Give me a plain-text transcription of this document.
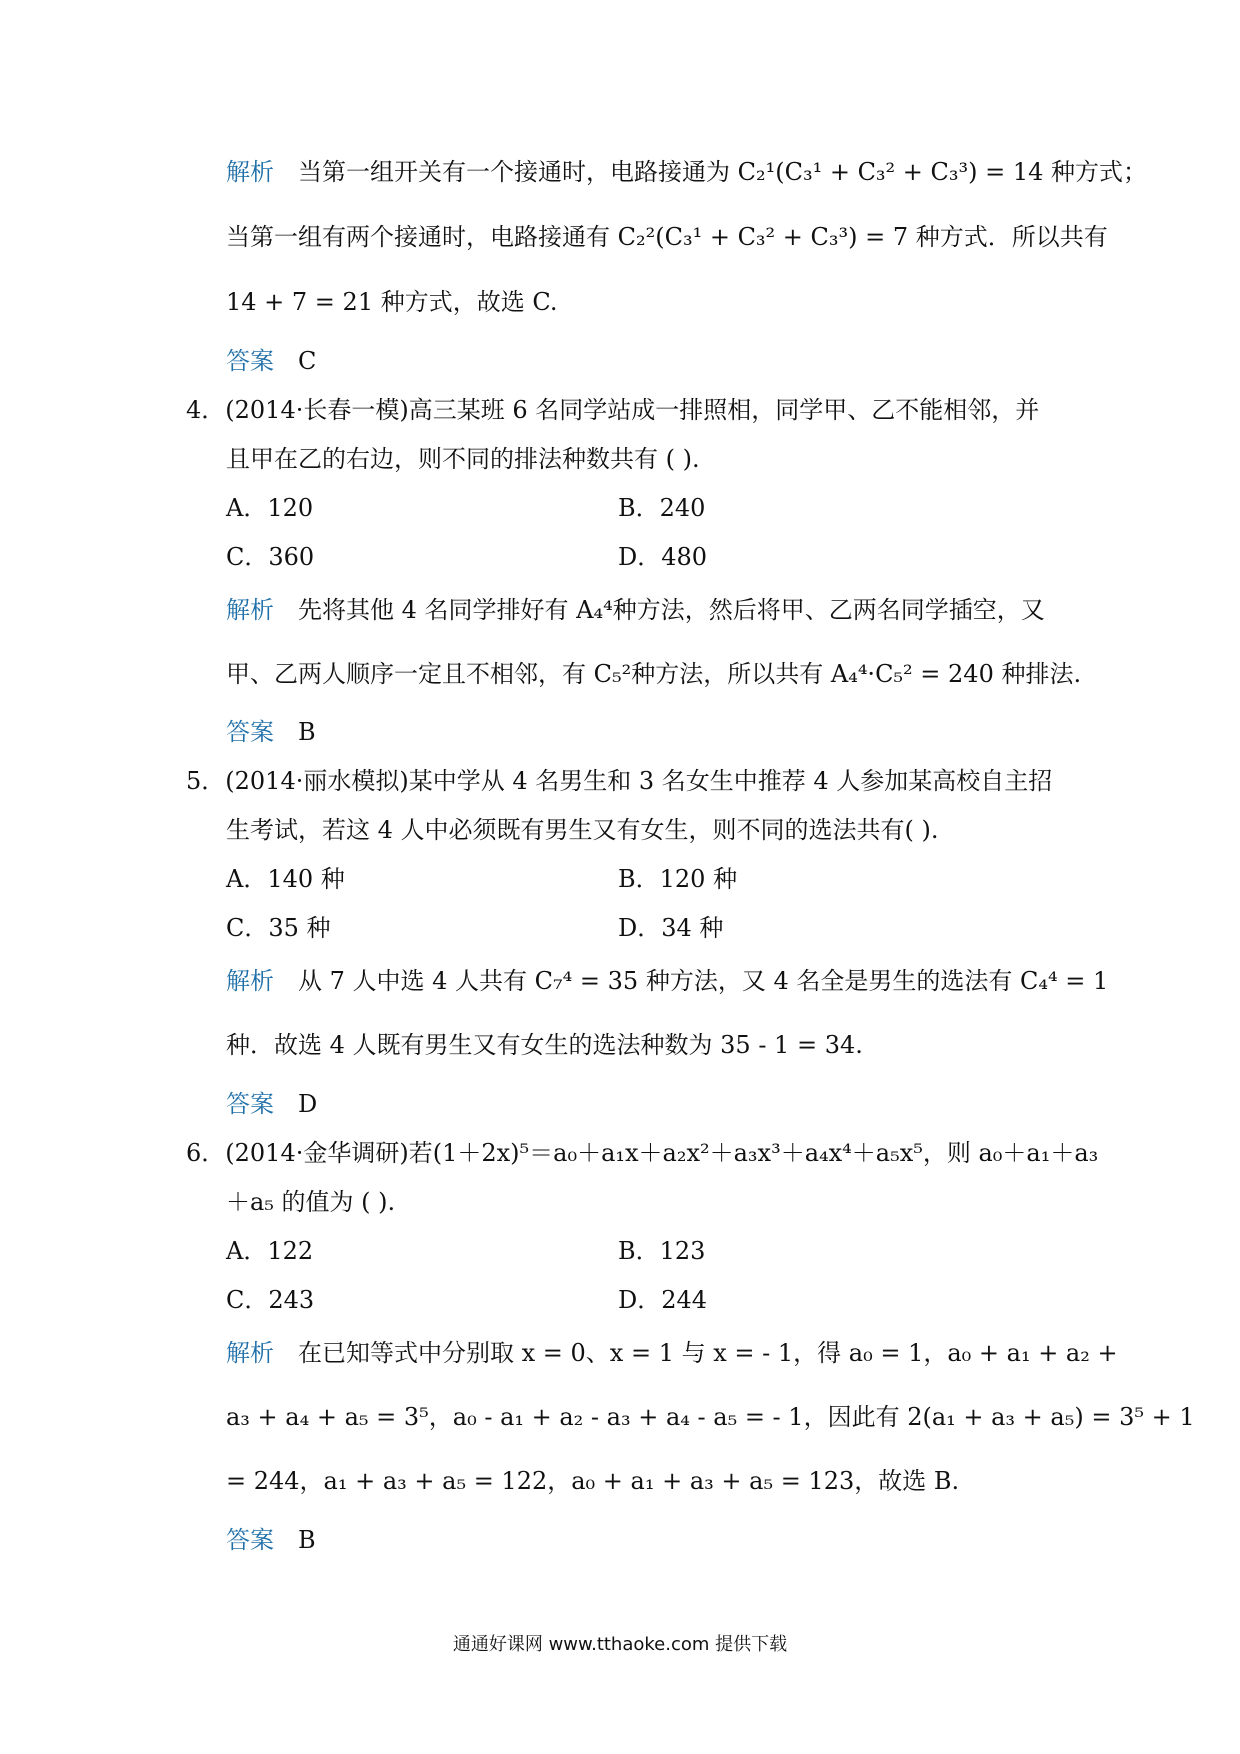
解析 当第一组开关有一个接通时，电路接通为 C₂¹(C₃¹ + C₃² + C₃³) = 14 种方式；
当第一组有两个接通时，电路接通有 C₂²(C₃¹ + C₃² + C₃³) = 7 种方式．所以共有
14 + 7 = 21 种方式，故选 C.
答案 C
4．(2014·长春一模)高三某班 6 名同学站成一排照相，同学甲、乙不能相邻，并
且甲在乙的右边，则不同的排法种数共有 ( ).
A．120	B．240
C．360	D．480
解析 先将其他 4 名同学排好有 A₄⁴种方法，然后将甲、乙两名同学插空，又
甲、乙两人顺序一定且不相邻，有 C₅²种方法，所以共有 A₄⁴·C₅² = 240 种排法.
答案 B
5．(2014·丽水模拟)某中学从 4 名男生和 3 名女生中推荐 4 人参加某高校自主招
生考试，若这 4 人中必须既有男生又有女生，则不同的选法共有( ).
A．140 种	B．120 种
C．35 种	D．34 种
解析 从 7 人中选 4 人共有 C₇⁴ = 35 种方法，又 4 名全是男生的选法有 C₄⁴ = 1
种．故选 4 人既有男生又有女生的选法种数为 35 - 1 = 34.
答案 D
6．(2014·金华调研)若(1＋2x)⁵＝a₀＋a₁x＋a₂x²＋a₃x³＋a₄x⁴＋a₅x⁵，则 a₀＋a₁＋a₃
＋a₅ 的值为 ( ).
A．122	B．123
C．243	D．244
解析 在已知等式中分别取 x = 0、x = 1 与 x = - 1，得 a₀ = 1，a₀ + a₁ + a₂ +
a₃ + a₄ + a₅ = 3⁵，a₀ - a₁ + a₂ - a₃ + a₄ - a₅ = - 1，因此有 2(a₁ + a₃ + a₅) = 3⁵ + 1
= 244，a₁ + a₃ + a₅ = 122，a₀ + a₁ + a₃ + a₅ = 123，故选 B.
答案 B
通通好课网 www.tthaoke.com 提供下载
